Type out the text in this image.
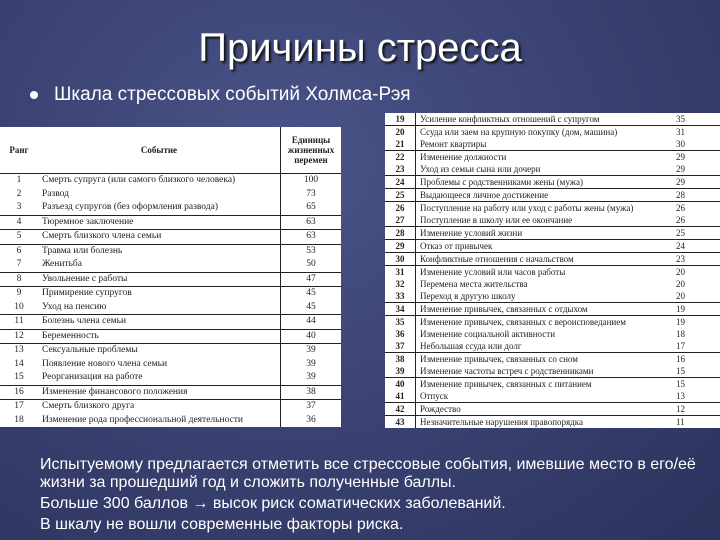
Причины стресса
Шкала стрессовых событий Холмса-Рэя
Ранг	Событие	Единицы жизненных перемен
1	Смерть супруга (или самого близкого человека)	100
2	Развод	73
3	Разъезд супругов (без оформления развода)	65
4	Тюремное заключение	63
5	Смерть близкого члена семьи	63
6	Травма или болезнь	53
7	Женитьба	50
8	Увольнение с работы	47
9	Примирение супругов	45
10	Уход на пенсию	45
11	Болезнь члена семьи	44
12	Беременность	40
13	Сексуальные проблемы	39
14	Появление нового члена семьи	39
15	Реорганизация на работе	39
16	Изменение финансового положения	38
17	Смерть близкого друга	37
18	Изменение рода профессиональной деятельности	36
19	Усиление конфликтных отношений с супругом	35
20	Ссуда или заем на крупную покупку (дом, машина)	31
21	Ремонт квартиры	30
22	Изменение должности	29
23	Уход из семьи сына или дочери	29
24	Проблемы с родственниками жены (мужа)	29
25	Выдающееся личное достижение	28
26	Поступление на работу или уход с работы жены (мужа)	26
27	Поступление в школу или ее окончание	26
28	Изменение условий жизни	25
29	Отказ от привычек	24
30	Конфликтные отношения с начальством	23
31	Изменение условий или часов работы	20
32	Перемена места жительства	20
33	Переход в другую школу	20
34	Изменение привычек, связанных с отдыхом	19
35	Изменение привычек, связанных с вероисповеданием	19
36	Изменение социальной активности	18
37	Небольшая ссуда или долг	17
38	Изменение привычек, связанных со сном	16
39	Изменение частоты встреч с родственниками	15
40	Изменение привычек, связанных с питанием	15
41	Отпуск	13
42	Рождество	12
43	Незначительные нарушения правопорядка	11

Испытуемому предлагается отметить все стрессовые события, имевшие место в его/её жизни за прошедший год и сложить полученные баллы.

Больше 300 баллов → высок риск соматических заболеваний.

В шкалу не вошли современные факторы риска.
